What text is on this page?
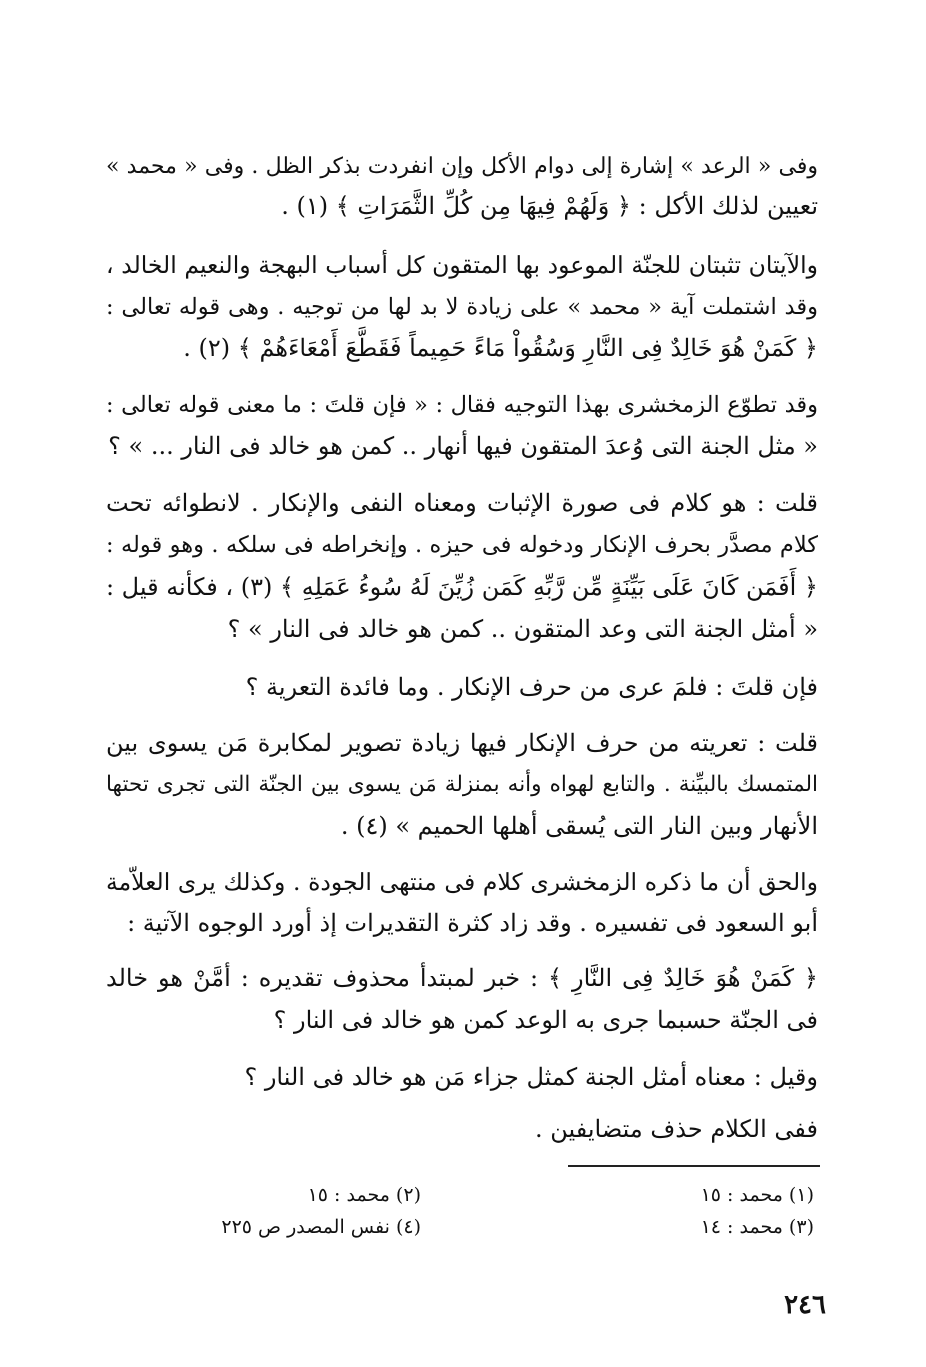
وفى « الرعد » إشارة إلى دوام الأكل وإن انفردت بذكر الظل . وفى « محمد »
تعيين لذلك الأكل : ﴿ وَلَهُمْ فِيهَا مِن كُلِّ الثَّمَرَاتِ ﴾ (١) .
والآيتان تثبتان للجنّة الموعود بها المتقون كل أسباب البهجة والنعيم الخالد ،
وقد اشتملت آية « محمد » على زيادة لا بد لها من توجيه . وهى قوله تعالى :
﴿ كَمَنْ هُوَ خَالِدٌ فِى النَّارِ وَسُقُواْ مَاءً حَمِيماً فَقَطَّعَ أَمْعَاءَهُمْ ﴾ (٢) .
وقد تطوّع الزمخشرى بهذا التوجيه فقال : « فإن قلتَ : ما معنى قوله تعالى :
« مثل الجنة التى وُعدَ المتقون فيها أنهار .. كمن هو خالد فى النار ... » ؟
قلت : هو كلام فى صورة الإثبات ومعناه النفى والإنكار . لانطوائه تحت
كلام مصدَّر بحرف الإنكار ودخوله فى حيزه . وإنخراطه فى سلكه . وهو قوله :
﴿ أَفَمَن كَانَ عَلَى بَيِّنَةٍ مِّن رَّبِّهِ كَمَن زُيِّنَ لَهُ سُوءُ عَمَلِهِ ﴾ (٣) ، فكأنه قيل :
« أمثل الجنة التى وعد المتقون .. كمن هو خالد فى النار » ؟
فإن قلتَ : فلمَ عرى من حرف الإنكار . وما فائدة التعرية ؟
قلت : تعريته من حرف الإنكار فيها زيادة تصوير لمكابرة مَن يسوى بين
المتمسك بالبيِّنة . والتابع لهواه وأنه بمنزلة مَن يسوى بين الجنّة التى تجرى تحتها
الأنهار وبين النار التى يُسقى أهلها الحميم » (٤) .
والحق أن ما ذكره الزمخشرى كلام فى منتهى الجودة . وكذلك يرى العلاّمة
أبو السعود فى تفسيره . وقد زاد كثرة التقديرات إذ أورد الوجوه الآتية :
﴿ كَمَنْ هُوَ خَالِدٌ فِى النَّارِ ﴾ : خبر لمبتدأ محذوف تقديره : أمَّنْ هو خالد
فى الجنّة حسبما جرى به الوعد كمن هو خالد فى النار ؟
وقيل : معناه أمثل الجنة كمثل جزاء مَن هو خالد فى النار ؟
ففى الكلام حذف متضايفين .
(١) محمد : ١٥
(٢) محمد : ١٥
(٣) محمد : ١٤
(٤) نفس المصدر ص ٢٢٥
٢٤٦
